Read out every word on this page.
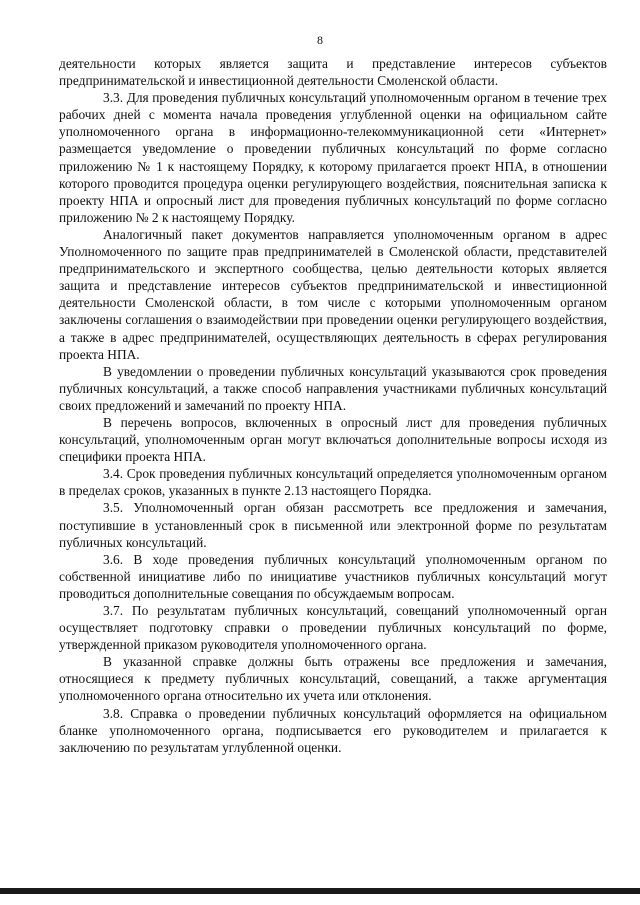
8

деятельности которых является защита и представление интересов субъектов предпринимательской и инвестиционной деятельности Смоленской области.

3.3. Для проведения публичных консультаций уполномоченным органом в течение трех рабочих дней с момента начала проведения углубленной оценки на официальном сайте уполномоченного органа в информационно-телекоммуникационной сети «Интернет» размещается уведомление о проведении публичных консультаций по форме согласно приложению № 1 к настоящему Порядку, к которому прилагается проект НПА, в отношении которого проводится процедура оценки регулирующего воздействия, пояснительная записка к проекту НПА и опросный лист для проведения публичных консультаций по форме согласно приложению № 2 к настоящему Порядку.

Аналогичный пакет документов направляется уполномоченным органом в адрес Уполномоченного по защите прав предпринимателей в Смоленской области, представителей предпринимательского и экспертного сообщества, целью деятельности которых является защита и представление интересов субъектов предпринимательской и инвестиционной деятельности Смоленской области, в том числе с которыми уполномоченным органом заключены соглашения о взаимодействии при проведении оценки регулирующего воздействия, а также в адрес предпринимателей, осуществляющих деятельность в сферах регулирования проекта НПА.

В уведомлении о проведении публичных консультаций указываются срок проведения публичных консультаций, а также способ направления участниками публичных консультаций своих предложений и замечаний по проекту НПА.

В перечень вопросов, включенных в опросный лист для проведения публичных консультаций, уполномоченным орган могут включаться дополнительные вопросы исходя из специфики проекта НПА.

3.4. Срок проведения публичных консультаций определяется уполномоченным органом в пределах сроков, указанных в пункте 2.13 настоящего Порядка.

3.5. Уполномоченный орган обязан рассмотреть все предложения и замечания, поступившие в установленный срок в письменной или электронной форме по результатам публичных консультаций.

3.6. В ходе проведения публичных консультаций уполномоченным органом по собственной инициативе либо по инициативе участников публичных консультаций могут проводиться дополнительные совещания по обсуждаемым вопросам.

3.7. По результатам публичных консультаций, совещаний уполномоченный орган осуществляет подготовку справки о проведении публичных консультаций по форме, утвержденной приказом руководителя уполномоченного органа.

В указанной справке должны быть отражены все предложения и замечания, относящиеся к предмету публичных консультаций, совещаний, а также аргументация уполномоченного органа относительно их учета или отклонения.

3.8. Справка о проведении публичных консультаций оформляется на официальном бланке уполномоченного органа, подписывается его руководителем и прилагается к заключению по результатам углубленной оценки.
